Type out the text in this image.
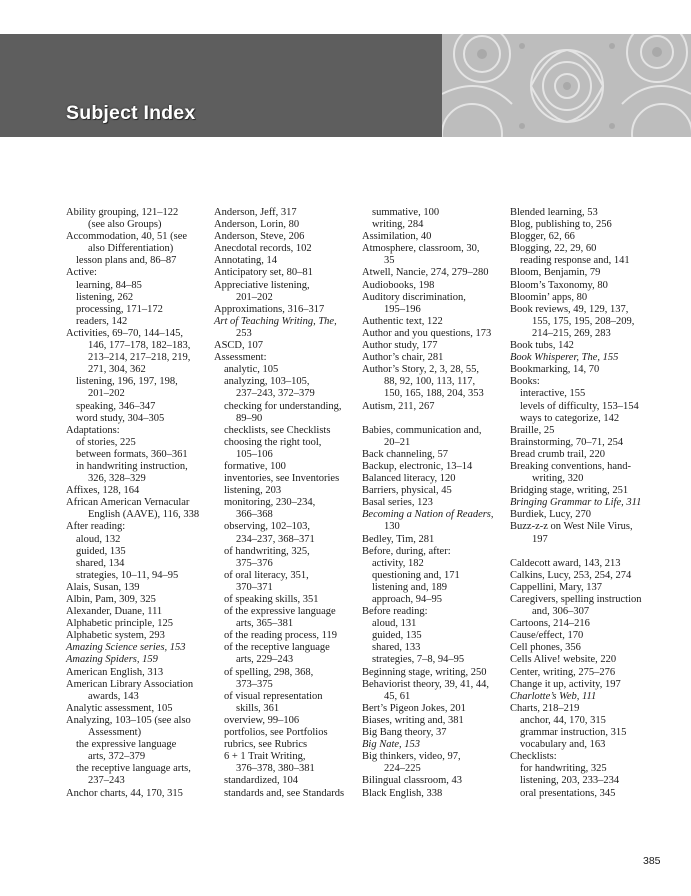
Subject Index
Ability grouping, 121–122
(see also Groups)
Accommodation, 40, 51 (see
also Differentiation)
lesson plans and, 86–87
Active:
learning, 84–85
listening, 262
processing, 171–172
readers, 142
Activities, 69–70, 144–145,
146, 177–178, 182–183,
213–214, 217–218, 219,
271, 304, 362
listening, 196, 197, 198,
201–202
speaking, 346–347
word study, 304–305
Adaptations:
of stories, 225
between formats, 360–361
in handwriting instruction,
326, 328–329
Affixes, 128, 164
African American Vernacular
English (AAVE), 116, 338
After reading:
aloud, 132
guided, 135
shared, 134
strategies, 10–11, 94–95
Alais, Susan, 139
Albin, Pam, 309, 325
Alexander, Duane, 111
Alphabetic principle, 125
Alphabetic system, 293
Amazing Science series, 153
Amazing Spiders, 159
American English, 313
American Library Association
awards, 143
Analytic assessment, 105
Analyzing, 103–105 (see also
Assessment)
the expressive language
arts, 372–379
the receptive language arts,
237–243
Anchor charts, 44, 170, 315
Anderson, Jeff, 317
Anderson, Lorin, 80
Anderson, Steve, 206
Anecdotal records, 102
Annotating, 14
Anticipatory set, 80–81
Appreciative listening,
201–202
Approximations, 316–317
Art of Teaching Writing, The,
253
ASCD, 107
Assessment:
analytic, 105
analyzing, 103–105,
237–243, 372–379
checking for understanding,
89–90
checklists, see Checklists
choosing the right tool,
105–106
formative, 100
inventories, see Inventories
listening, 203
monitoring, 230–234,
366–368
observing, 102–103,
234–237, 368–371
of handwriting, 325,
375–376
of oral literacy, 351,
370–371
of speaking skills, 351
of the expressive language
arts, 365–381
of the reading process, 119
of the receptive language
arts, 229–243
of spelling, 298, 368,
373–375
of visual representation
skills, 361
overview, 99–106
portfolios, see Portfolios
rubrics, see Rubrics
6 + 1 Trait Writing,
376–378, 380–381
standardized, 104
standards and, see Standards
summative, 100
writing, 284
Assimilation, 40
Atmosphere, classroom, 30,
35
Atwell, Nancie, 274, 279–280
Audiobooks, 198
Auditory discrimination,
195–196
Authentic text, 122
Author and you questions, 173
Author study, 177
Author’s chair, 281
Author’s Story, 2, 3, 28, 55,
88, 92, 100, 113, 117,
150, 165, 188, 204, 353
Autism, 211, 267
Babies, communication and,
20–21
Back channeling, 57
Backup, electronic, 13–14
Balanced literacy, 120
Barriers, physical, 45
Basal series, 123
Becoming a Nation of Readers,
130
Bedley, Tim, 281
Before, during, after:
activity, 182
questioning and, 171
listening and, 189
approach, 94–95
Before reading:
aloud, 131
guided, 135
shared, 133
strategies, 7–8, 94–95
Beginning stage, writing, 250
Behaviorist theory, 39, 41, 44,
45, 61
Bert’s Pigeon Jokes, 201
Biases, writing and, 381
Big Bang theory, 37
Big Nate, 153
Big thinkers, video, 97,
224–225
Bilingual classroom, 43
Black English, 338
Blended learning, 53
Blog, publishing to, 256
Blogger, 62, 66
Blogging, 22, 29, 60
reading response and, 141
Bloom, Benjamin, 79
Bloom’s Taxonomy, 80
Bloomin’ apps, 80
Book reviews, 49, 129, 137,
155, 175, 195, 208–209,
214–215, 269, 283
Book tubs, 142
Book Whisperer, The, 155
Bookmarking, 14, 70
Books:
interactive, 155
levels of difficulty, 153–154
ways to categorize, 142
Braille, 25
Brainstorming, 70–71, 254
Bread crumb trail, 220
Breaking conventions, hand-
writing, 320
Bridging stage, writing, 251
Bringing Grammar to Life, 311
Burdiek, Lucy, 270
Buzz-z-z on West Nile Virus,
197
Caldecott award, 143, 213
Calkins, Lucy, 253, 254, 274
Cappellini, Mary, 137
Caregivers, spelling instruction
and, 306–307
Cartoons, 214–216
Cause/effect, 170
Cell phones, 356
Cells Alive! website, 220
Center, writing, 275–276
Change it up, activity, 197
Charlotte’s Web, 111
Charts, 218–219
anchor, 44, 170, 315
grammar instruction, 315
vocabulary and, 163
Checklists:
for handwriting, 325
listening, 203, 233–234
oral presentations, 345
385
